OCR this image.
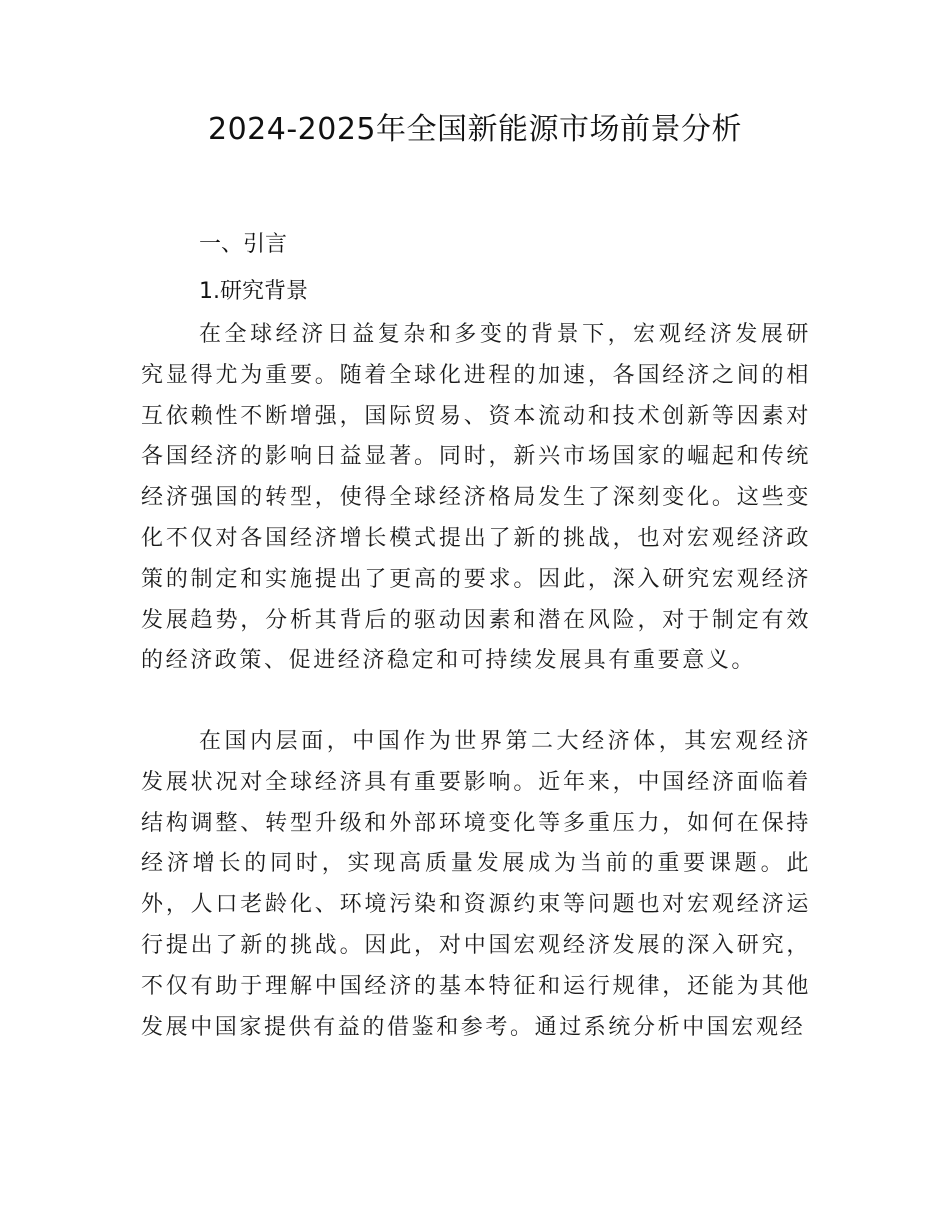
2024-2025年全国新能源市场前景分析
一、引言
1.研究背景

在全球经济日益复杂和多变的背景下，宏观经济发展研究显得尤为重要。随着全球化进程的加速，各国经济之间的相互依赖性不断增强，国际贸易、资本流动和技术创新等因素对各国经济的影响日益显著。同时，新兴市场国家的崛起和传统经济强国的转型，使得全球经济格局发生了深刻变化。这些变化不仅对各国经济增长模式提出了新的挑战，也对宏观经济政策的制定和实施提出了更高的要求。因此，深入研究宏观经济发展趋势，分析其背后的驱动因素和潜在风险，对于制定有效的经济政策、促进经济稳定和可持续发展具有重要意义。

在国内层面，中国作为世界第二大经济体，其宏观经济发展状况对全球经济具有重要影响。近年来，中国经济面临着结构调整、转型升级和外部环境变化等多重压力，如何在保持经济增长的同时，实现高质量发展成为当前的重要课题。此外，人口老龄化、环境污染和资源约束等问题也对宏观经济运行提出了新的挑战。因此，对中国宏观经济发展的深入研究，不仅有助于理解中国经济的基本特征和运行规律，还能为其他发展中国家提供有益的借鉴和参考。通过系统分析中国宏观经
